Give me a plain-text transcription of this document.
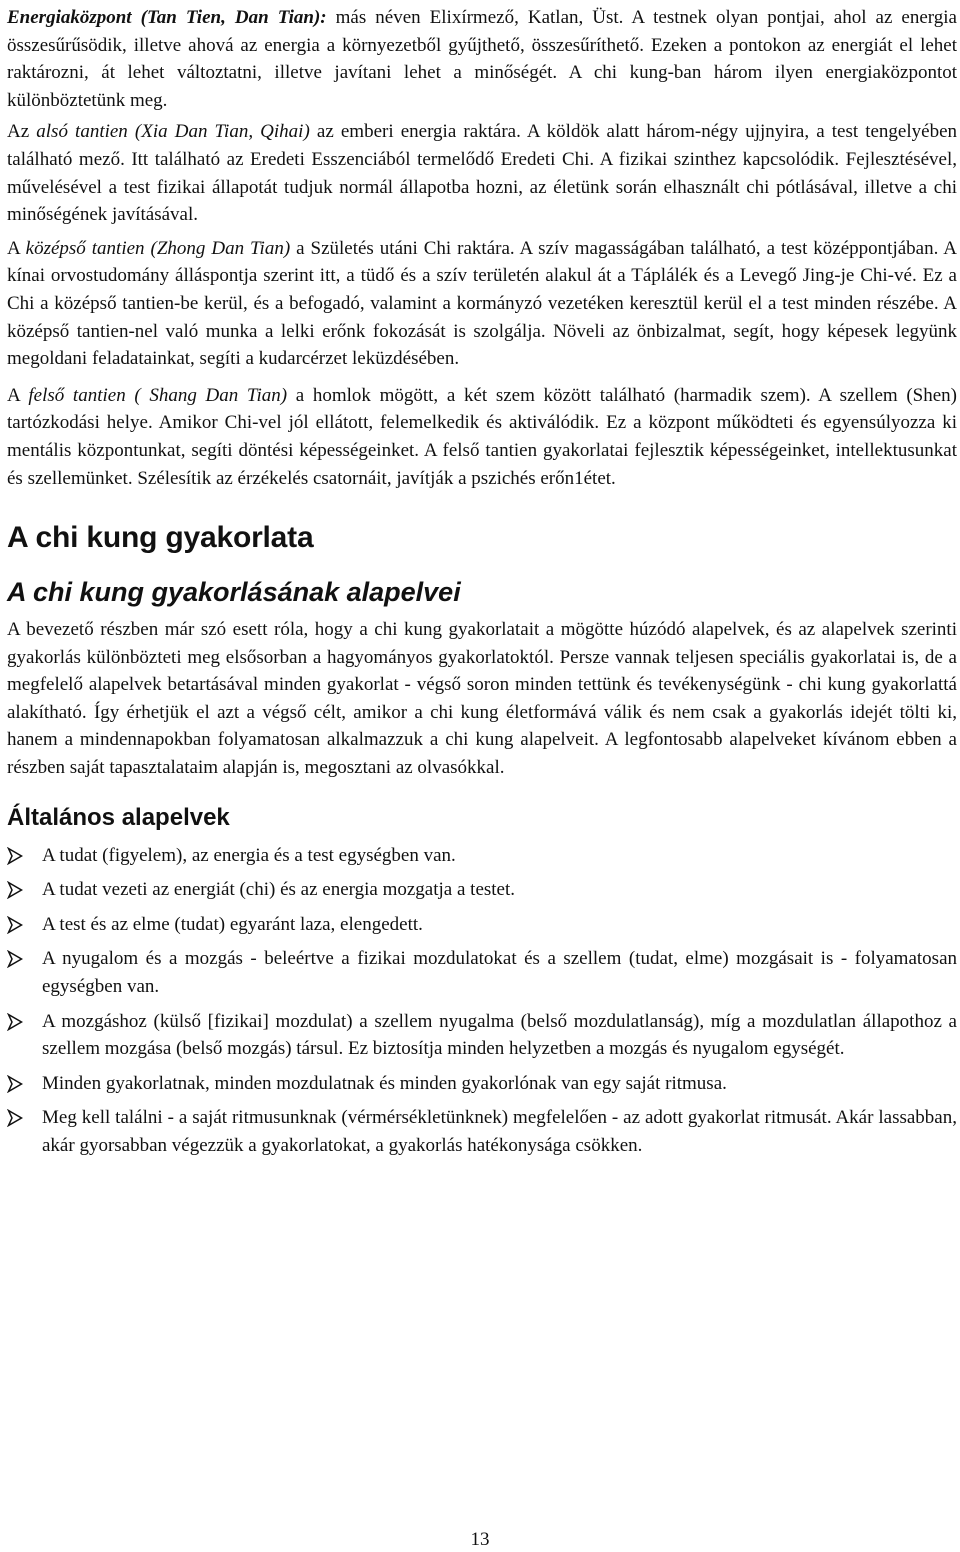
Energiaközpont (Tan Tien, Dan Tian): más néven Elixírmező, Katlan, Üst. A testnek olyan pontjai, ahol az energia összesűrűsödik, illetve ahová az energia a környezetből gyűjthető, összesűríthető. Ezeken a pontokon az energiát el lehet raktározni, át lehet változtatni, illetve javítani lehet a minőségét. A chi kung-ban három ilyen energiaközpontot különböztetünk meg.

Az alsó tantien (Xia Dan Tian, Qihai) az emberi energia raktára. A köldök alatt három-négy ujjnyira, a test tengelyében található mező. Itt található az Eredeti Esszenciából termelődő Eredeti Chi. A fizikai szinthez kapcsolódik. Fejlesztésével, művelésével a test fizikai állapotát tudjuk normál állapotba hozni, az életünk során elhasznált chi pótlásával, illetve a chi minőségének javításával.

A középső tantien (Zhong Dan Tian) a Születés utáni Chi raktára. A szív magasságában található, a test középpontjában. A kínai orvostudomány álláspontja szerint itt, a tüdő és a szív területén alakul át a Táplálék és a Levegő Jing-je Chi-vé. Ez a Chi a középső tantien-be kerül, és a befogadó, valamint a kormányzó vezetéken keresztül kerül el a test minden részébe. A középső tantien-nel való munka a lelki erőnk fokozását is szolgálja. Növeli az önbizalmat, segít, hogy képesek legyünk megoldani feladatainkat, segíti a kudarcérzet leküzdésében.

A felső tantien ( Shang Dan Tian) a homlok mögött, a két szem között található (harmadik szem). A szellem (Shen) tartózkodási helye. Amikor Chi-vel jól ellátott, felemelkedik és aktiválódik. Ez a központ működteti és egyensúlyozza ki mentális központunkat, segíti döntési képességeinket. A felső tantien gyakorlatai fejlesztik képességeinket, intellektusunkat és szellemünket. Szélesítik az érzékelés csatornáit, javítják a pszichés erőn1étet.

A chi kung gyakorlata
A chi kung gyakorlásának alapelvei

A bevezető részben már szó esett róla, hogy a chi kung gyakorlatait a mögötte húzódó alapelvek, és az alapelvek szerinti gyakorlás különbözteti meg elsősorban a hagyományos gyakorlatoktól. Persze vannak teljesen speciális gyakorlatai is, de a megfelelő alapelvek betartásával minden gyakorlat - végső soron minden tettünk és tevékenységünk - chi kung gyakorlattá alakítható. Így érhetjük el azt a végső célt, amikor a chi kung életformává válik és nem csak a gyakorlás idejét tölti ki, hanem a mindennapokban folyamatosan alkalmazzuk a chi kung alapelveit. A legfontosabb alapelveket kívánom ebben a részben saját tapasztalataim alapján is, megosztani az olvasókkal.

Általános alapelvek

A tudat (figyelem), az energia és a test egységben van.

A tudat vezeti az energiát (chi) és az energia mozgatja a testet.

A test és az elme (tudat) egyaránt laza, elengedett.

A nyugalom és a mozgás - beleértve a fizikai mozdulatokat és a szellem (tudat, elme) mozgásait is - folyamatosan egységben van.

A mozgáshoz (külső [fizikai] mozdulat) a szellem nyugalma (belső mozdulatlanság), míg a mozdulatlan állapothoz a szellem mozgása (belső mozgás) társul. Ez biztosítja minden helyzetben a mozgás és nyugalom egységét.

Minden gyakorlatnak, minden mozdulatnak és minden gyakorlónak van egy saját ritmusa.

Meg kell találni - a saját ritmusunknak (vérmérsékletünknek) megfelelően - az adott gyakorlat ritmusát. Akár lassabban, akár gyorsabban végezzük a gyakorlatokat, a gyakorlás hatékonysága csökken.

13
